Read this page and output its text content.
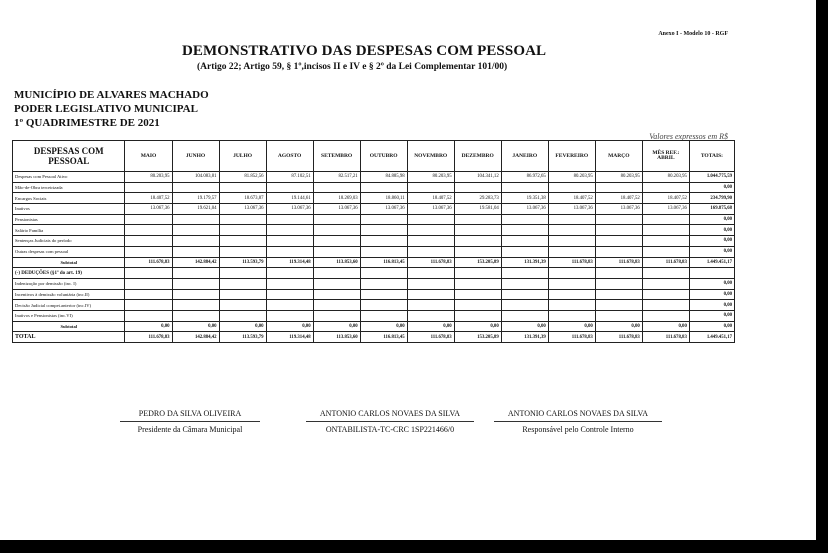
Anexo I - Modelo 10 - RGF
DEMONSTRATIVO DAS DESPESAS COM PESSOAL
(Artigo 22; Artigo 59, § 1º,incisos II e IV e § 2º da Lei Complementar 101/00)
MUNICÍPIO DE ALVARES MACHADO
PODER LEGISLATIVO MUNICIPAL
1º QUADRIMESTRE DE 2021
Valores expressos em R$
DESPESAS COM PESSOAL	MAIO	JUNHO	JULHO	AGOSTO	SETEMBRO	OUTUBRO	NOVEMBRO	DEZEMBRO	JANEIRO	FEVEREIRO	MARÇO	MÊS REF.: ABRIL	TOTAIS:
Despesas com Pessoal Ativo	80.203,95	104.083,81	81.852,56	87.102,51	82.517,21	84.885,98	80.203,95	104.341,12	86.972,65	80.203,95	80.203,95	80.203,95	1.044.775,59
Mão-de-Obra terceirizada													0,00
Encargos Sociais	18.407,52	19.179,57	18.673,87	19.144,61	18.269,03	18.860,11	18.407,52	29.283,73	19.351,38	18.407,52	18.407,52	18.407,52	234.799,90
Inativos	13.067,36	19.621,04	13.067,36	13.067,36	13.067,36	13.067,36	13.067,36	19.581,04	13.067,36	13.067,36	13.067,36	13.067,36	169.875,68
Pensionistas													0,00
Salário Família													0,00
Sentenças Judiciais do período													0,00
Outras despesas com pessoal													0,00
Subtotal	111.678,83	142.884,42	113.593,79	119.314,48	113.853,60	116.813,45	111.678,83	153.205,89	131.391,39	111.678,83	111.678,83	111.678,83	1.449.451,17
(-) DEDUÇÕES (§1º do art. 19)													
Indenização por demissão (inc. I)													0,00
Incentivos à demissão voluntária (inc.II)													0,00
Decisão Judicial compet.anterior (inc.IV)													0,00
Inativos e Pensionistas (inc.VI)													0,00
Subtotal	0,00	0,00	0,00	0,00	0,00	0,00	0,00	0,00	0,00	0,00	0,00	0,00	0,00
TOTAL	111.678,83	142.884,42	113.593,79	119.314,48	113.853,60	116.813,45	111.678,83	153.205,89	131.391,39	111.678,83	111.678,83	111.678,83	1.449.451,17
PEDRO DA SILVA OLIVEIRA
Presidente da Câmara Municipal
ANTONIO CARLOS NOVAES DA SILVA
ONTABILISTA-TC-CRC 1SP221466/0
ANTONIO CARLOS NOVAES DA SILVA
Responsável pelo Controle Interno
